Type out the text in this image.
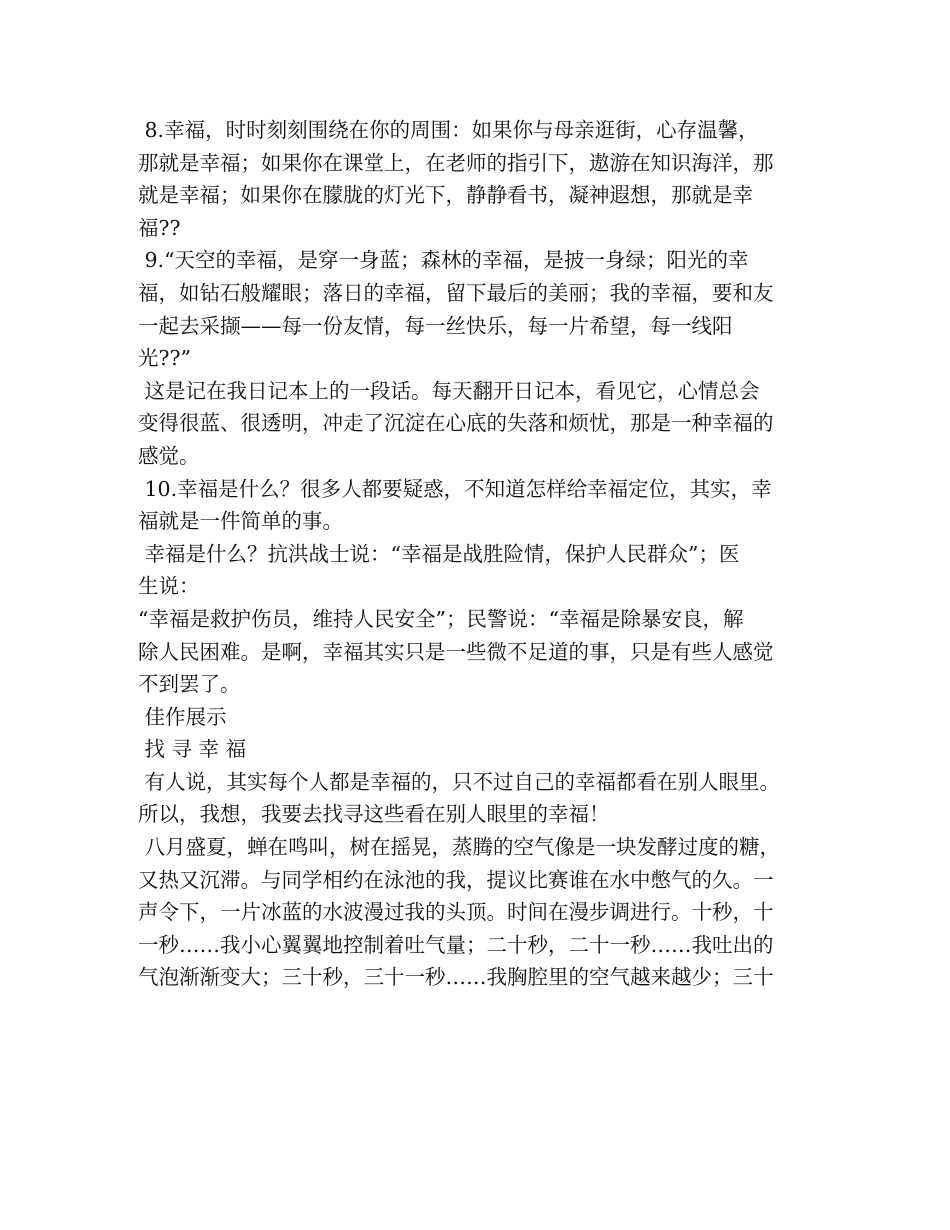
8.幸福，时时刻刻围绕在你的周围：如果你与母亲逛街，心存温馨，
那就是幸福；如果你在课堂上，在老师的指引下，遨游在知识海洋，那
就是幸福；如果你在朦胧的灯光下，静静看书，凝神遐想，那就是幸
福??
9.“天空的幸福，是穿一身蓝；森林的幸福，是披一身绿；阳光的幸
福，如钻石般耀眼；落日的幸福，留下最后的美丽；我的幸福，要和友
一起去采撷——每一份友情，每一丝快乐，每一片希望，每一线阳
光??”
这是记在我日记本上的一段话。每天翻开日记本，看见它，心情总会
变得很蓝、很透明，冲走了沉淀在心底的失落和烦忧，那是一种幸福的
感觉。
10.幸福是什么？很多人都要疑惑，不知道怎样给幸福定位，其实，幸
福就是一件简单的事。
幸福是什么？抗洪战士说：“幸福是战胜险情，保护人民群众”；医
生说：
“幸福是救护伤员，维持人民安全”；民警说：“幸福是除暴安良，解
除人民困难。是啊，幸福其实只是一些微不足道的事，只是有些人感觉
不到罢了。
佳作展示
找 寻 幸 福
有人说，其实每个人都是幸福的，只不过自己的幸福都看在别人眼里。
所以，我想，我要去找寻这些看在别人眼里的幸福！
八月盛夏，蝉在鸣叫，树在摇晃，蒸腾的空气像是一块发酵过度的糖，
又热又沉滞。与同学相约在泳池的我，提议比赛谁在水中憋气的久。一
声令下，一片冰蓝的水波漫过我的头顶。时间在漫步调进行。十秒，十
一秒……我小心翼翼地控制着吐气量；二十秒，二十一秒……我吐出的
气泡渐渐变大；三十秒，三十一秒……我胸腔里的空气越来越少；三十
